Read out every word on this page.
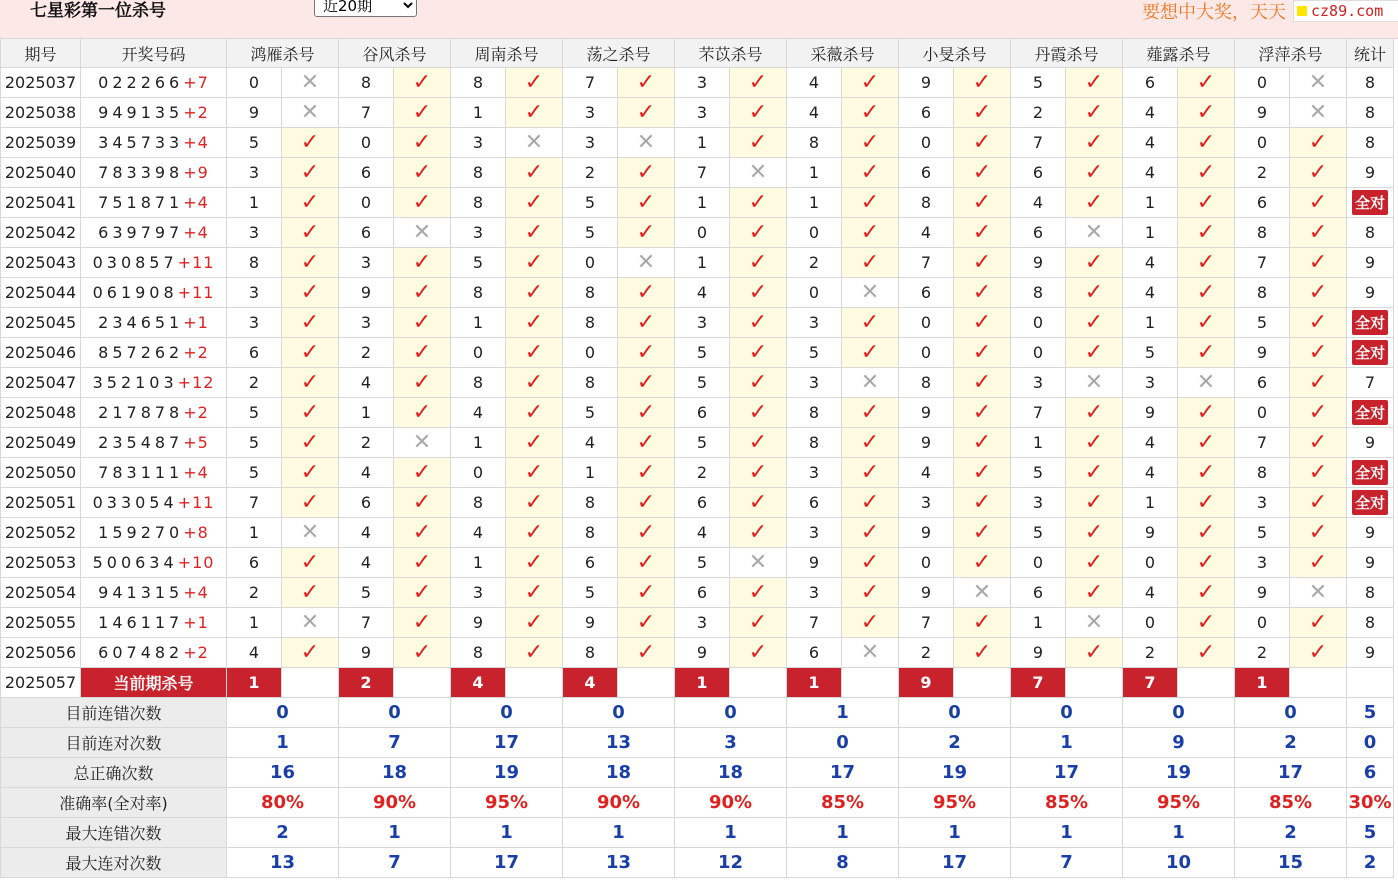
七星彩第一位杀号
近20期	要想中大奖，天天 cz89.com
期号	开奖号码	鸿雁杀号		谷风杀号		周南杀号		荡之杀号		芣苡杀号		采薇杀号		小旻杀号		丹霞杀号		薤露杀号		浮萍杀号		统计
2025037	022266+7	0	✕	8	✓	8	✓	7	✓	3	✓	4	✓	9	✓	5	✓	6	✓	0	✕	8
2025038	949135+2	9	✕	7	✓	1	✓	3	✓	3	✓	4	✓	6	✓	2	✓	4	✓	9	✕	8
2025039	345733+4	5	✓	0	✓	3	✕	3	✕	1	✓	8	✓	0	✓	7	✓	4	✓	0	✓	8
2025040	783398+9	3	✓	6	✓	8	✓	2	✓	7	✕	1	✓	6	✓	6	✓	4	✓	2	✓	9
2025041	751871+4	1	✓	0	✓	8	✓	5	✓	1	✓	1	✓	8	✓	4	✓	1	✓	6	✓	全对
2025042	639797+4	3	✓	6	✕	3	✓	5	✓	0	✓	0	✓	4	✓	6	✕	1	✓	8	✓	8
2025043	030857+11	8	✓	3	✓	5	✓	0	✕	1	✓	2	✓	7	✓	9	✓	4	✓	7	✓	9
2025044	061908+11	3	✓	9	✓	8	✓	8	✓	4	✓	0	✕	6	✓	8	✓	4	✓	8	✓	9
2025045	234651+1	3	✓	3	✓	1	✓	8	✓	3	✓	3	✓	0	✓	0	✓	1	✓	5	✓	全对
2025046	857262+2	6	✓	2	✓	0	✓	0	✓	5	✓	5	✓	0	✓	0	✓	5	✓	9	✓	全对
2025047	352103+12	2	✓	4	✓	8	✓	8	✓	5	✓	3	✕	8	✓	3	✕	3	✕	6	✓	7
2025048	217878+2	5	✓	1	✓	4	✓	5	✓	6	✓	8	✓	9	✓	7	✓	9	✓	0	✓	全对
2025049	235487+5	5	✓	2	✕	1	✓	4	✓	5	✓	8	✓	9	✓	1	✓	4	✓	7	✓	9
2025050	783111+4	5	✓	4	✓	0	✓	1	✓	2	✓	3	✓	4	✓	5	✓	4	✓	8	✓	全对
2025051	033054+11	7	✓	6	✓	8	✓	8	✓	6	✓	6	✓	3	✓	3	✓	1	✓	3	✓	全对
2025052	159270+8	1	✕	4	✓	4	✓	8	✓	4	✓	3	✓	9	✓	5	✓	9	✓	5	✓	9
2025053	500634+10	6	✓	4	✓	1	✓	6	✓	5	✕	9	✓	0	✓	0	✓	0	✓	3	✓	9
2025054	941315+4	2	✓	5	✓	3	✓	5	✓	6	✓	3	✓	9	✕	6	✓	4	✓	9	✕	8
2025055	146117+1	1	✕	7	✓	9	✓	9	✓	3	✓	7	✓	7	✓	1	✕	0	✓	0	✓	8
2025056	607482+2	4	✓	9	✓	8	✓	8	✓	9	✓	6	✕	2	✓	9	✓	2	✓	2	✓	9
2025057	当前期杀号	1		2		4		4		1		1		9		7		7		1		
目前连错次数		0		0		0		0		0		1		0		0		0		0		5
目前连对次数		1		7		17		13		3		0		2		1		9		2		0
总正确次数		16		18		19		18		18		17		19		17		19		17		6
准确率(全对率)		80%		90%		95%		90%		90%		85%		95%		85%		95%		85%		30%
最大连错次数		2		1		1		1		1		1		1		1		1		2		5
最大连对次数		13		7		17		13		12		8		17		7		10		15		2
